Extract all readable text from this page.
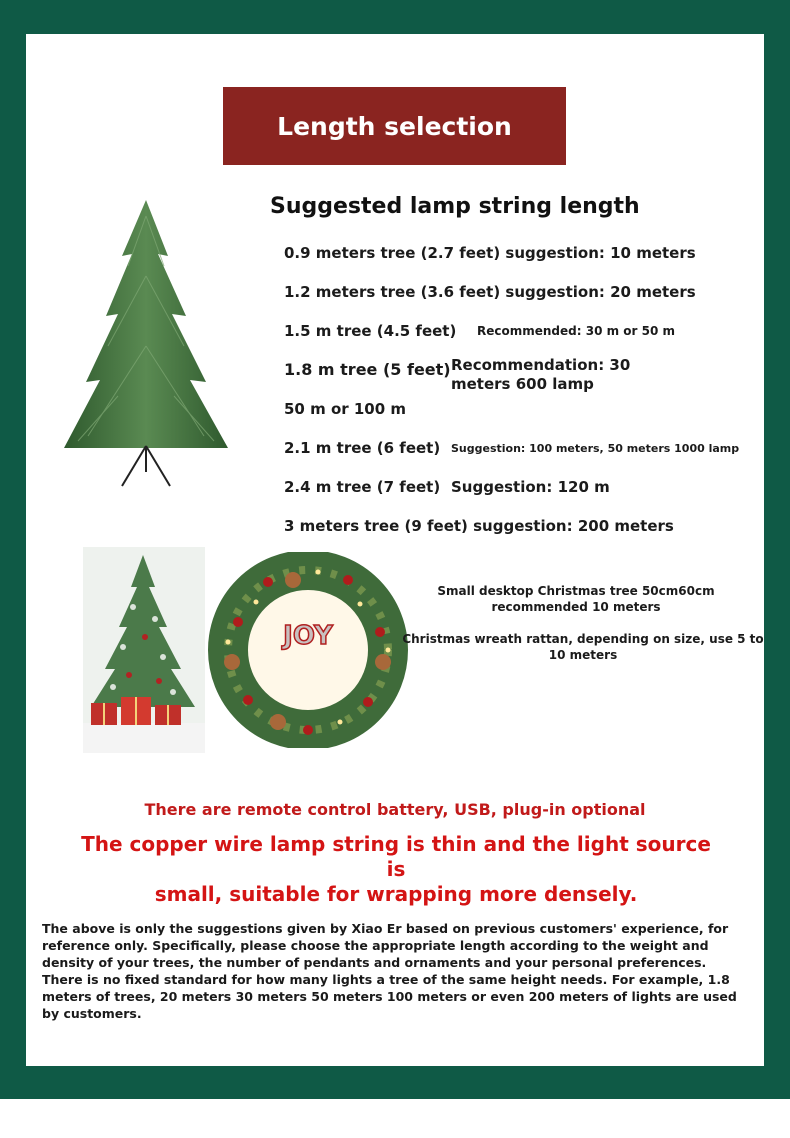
Length selection
Suggested lamp string length
0.9 meters tree (2.7 feet) suggestion: 10 meters
1.2 meters tree (3.6 feet) suggestion: 20 meters
1.5 m tree (4.5 feet) Recommended: 30 m or 50 m
1.8 m tree (5 feet) Recommendation: 30
meters 600 lamp
50 m or 100 m
2.1 m tree (6 feet) Suggestion: 100 meters, 50 meters 1000 lamp
2.4 m tree (7 feet) Suggestion: 120 m
3 meters tree (9 feet) suggestion: 200 meters
JOY
Small desktop Christmas tree 50cm60cm
recommended 10 meters
Christmas wreath rattan, depending on size, use 5 to
10 meters
There are remote control battery, USB, plug-in optional
The copper wire lamp string is thin and the light source is
small, suitable for wrapping more densely.
The above is only the suggestions given by Xiao Er based on previous customers' experience, for reference only. Specifically, please choose the appropriate length according to the weight and density of your trees, the number of pendants and ornaments and your personal preferences. There is no fixed standard for how many lights a tree of the same height needs. For example, 1.8 meters of trees, 20 meters 30 meters 50 meters 100 meters or even 200 meters of lights are used by customers.
